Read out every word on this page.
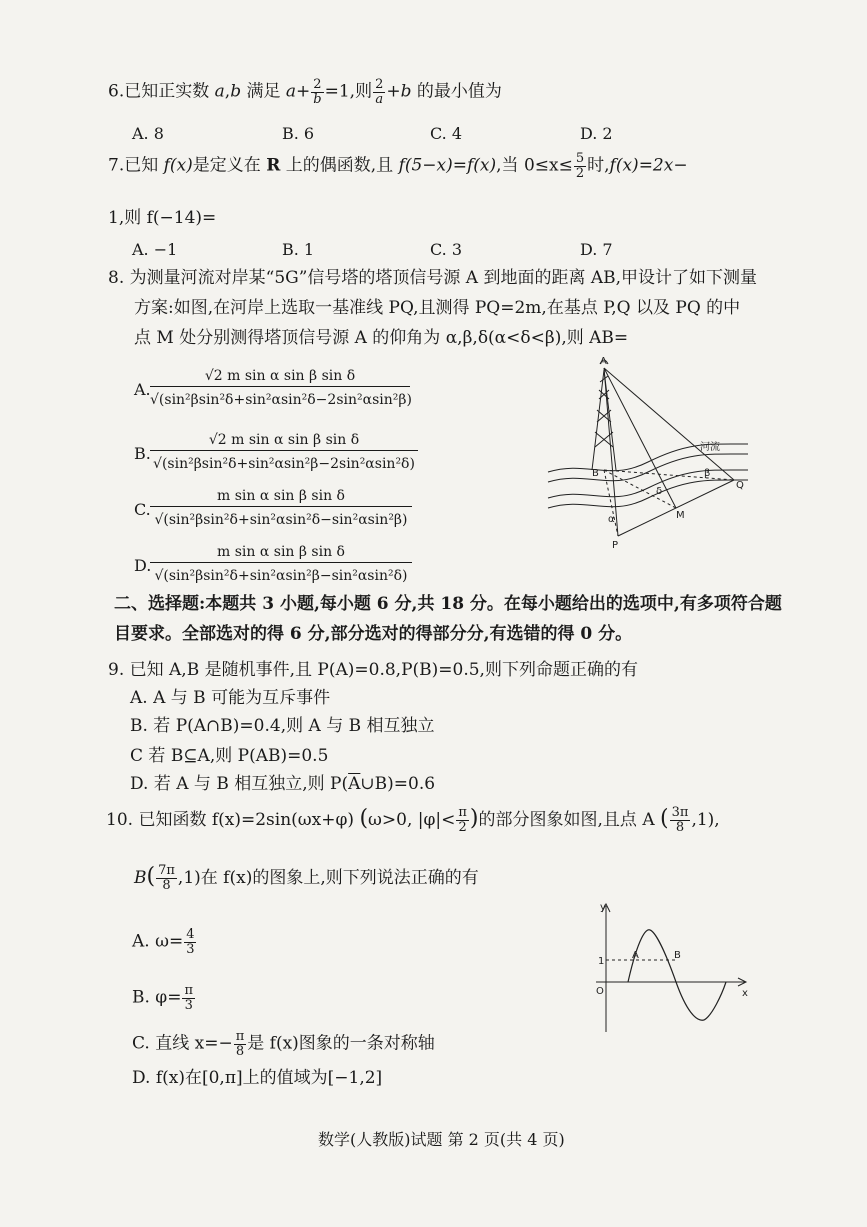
6.已知正实数 a,b 满足 $a+ \frac{2}{b} =1$,则 $\frac{2}{a} +b$ 的最小值为
A. 8	B. 6	C. 4	D. 2
7.已知 f(x)是定义在 R 上的偶函数,且 f(5−x)=f(x),当 $0\le x\le \frac{5}{2}$ 时,f(x)=2x−
1,则 f(−14)=
A. −1	B. 1	C. 3	D. 7
8. 为测量河流对岸某“5G”信号塔的塔顶信号源 A 到地面的距离 AB,甲设计了如下测量
方案:如图,在河岸上选取一基准线 PQ,且测得 PQ=2m,在基点 P,Q 以及 PQ 的中
点 M 处分别测得塔顶信号源 A 的仰角为 α,β,δ(α<δ<β),则 AB=
A. $\frac{\text{√2 m sin α sin β sin δ}}{\text{√(sin²βsin²δ+sin²αsin²δ−2sin²αsin²β)}}$
B. $\frac{\text{√2 m sin α sin β sin δ}}{\text{√(sin²βsin²δ+sin²αsin²β−2sin²αsin²δ)}}$
C. $\frac{\text{m sin α sin β sin δ}}{\text{√(sin²βsin²δ+sin²αsin²δ−sin²αsin²β)}}$
D.
$\frac{\text{m sin α sin β sin δ}}{\text{√(sin²βsin²δ+sin²αsin²β−sin²αsin²δ)}}$
A
B
P
Q
M
α
β
δ
河流
二、选择题:本题共 3 小题,每小题 6 分,共 18 分。在每小题给出的选项中,有多项符合题
目要求。全部选对的得 6 分,部分选对的得部分分,有选错的得 0 分。
9. 已知 A,B 是随机事件,且 P(A)=0.8,P(B)=0.5,则下列命题正确的有
A. A 与 B 可能为互斥事件
B. 若 P(A∩B)=0.4,则 A 与 B 相互独立
C 若 B⊆A,则 P(AB)=0.5
D. 若 A 与 B 相互独立,则 $P(\overline{A}\cup B)=0.6$
10. 已知函数 f(x)=2sin(ωx+φ) (ω>0, $|\varphi|< \frac{\pi}{2}$ )的部分图象如图,且点 A ( $\frac{3\pi}{8} ,1$),
$B( \frac{7\pi}{8} ,1)$在 f(x)的图象上,则下列说法正确的有
A. $\omega= \frac{4}{3}$
B. $\varphi= \frac{\pi}{3}$
C. 直线 $x=- \frac{\pi}{8}$ 是 f(x)图象的一条对称轴
D. f(x)在[0,π]上的值域为[−1,2]
y
x
O
1
A	B
数学(人教版)试题 第 2 页(共 4 页)
